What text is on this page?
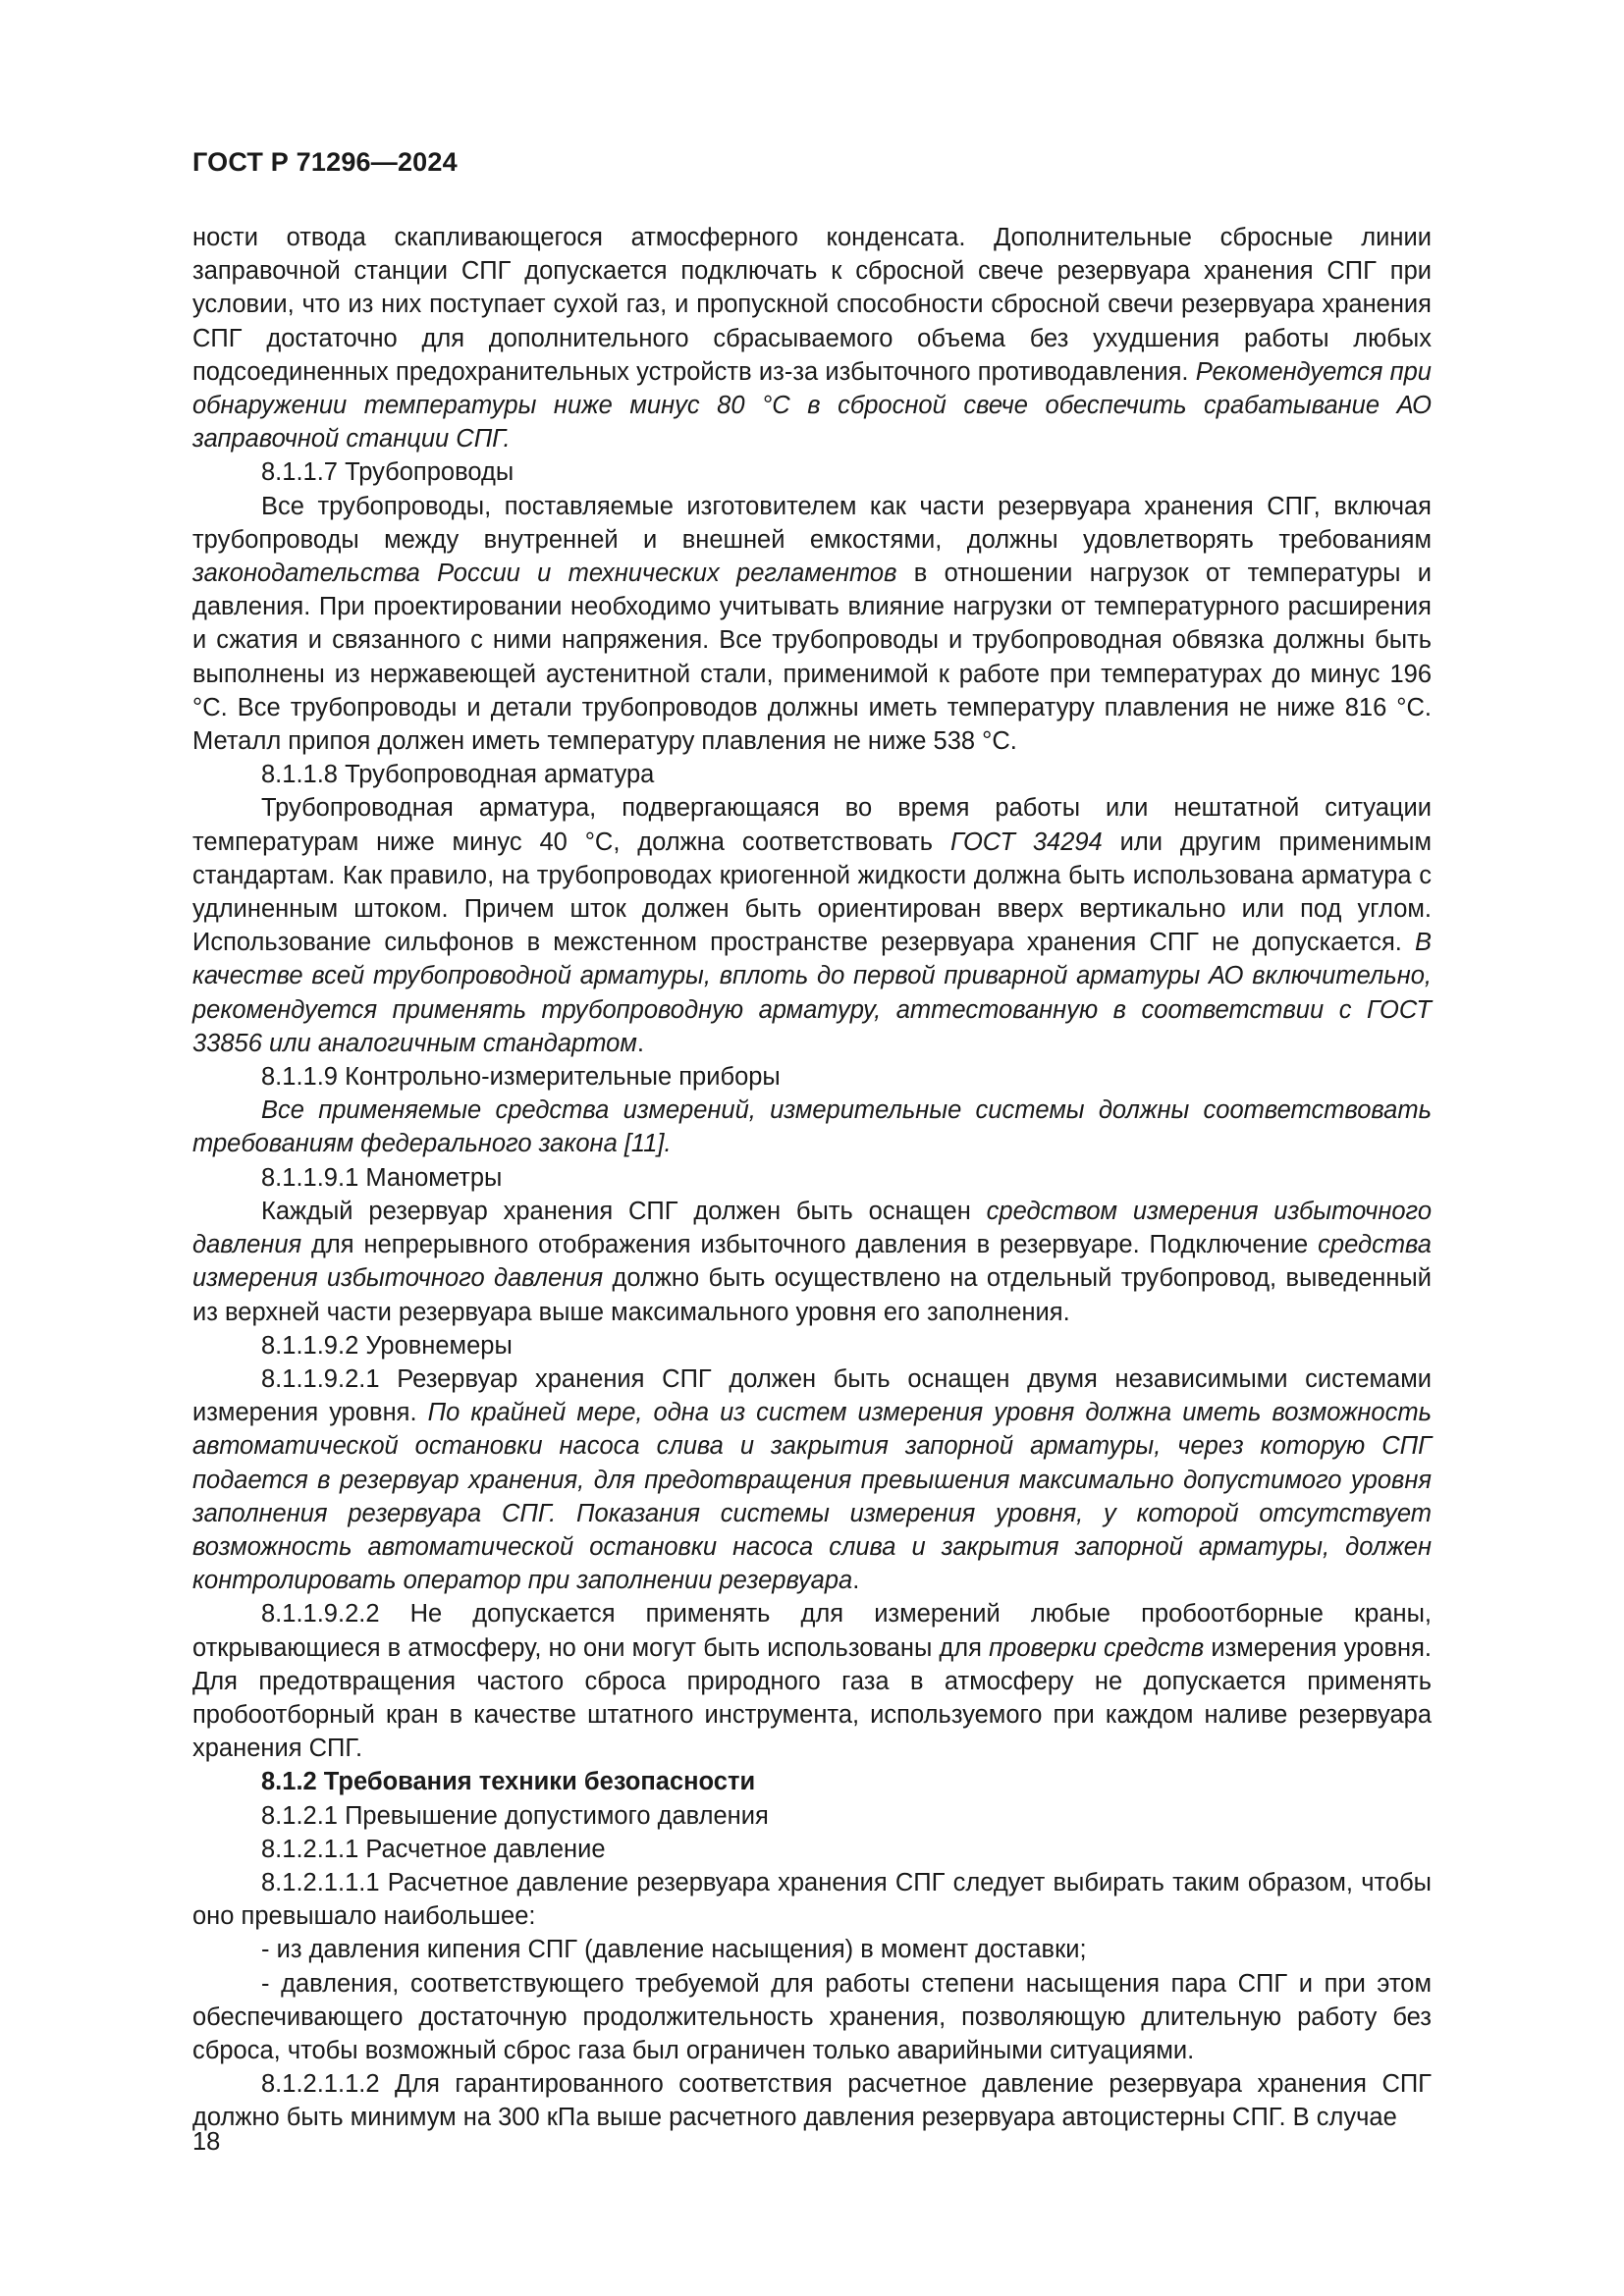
ГОСТ Р 71296—2024

ности отвода скапливающегося атмосферного конденсата. Дополнительные сбросные линии заправочной станции СПГ допускается подключать к сбросной свече резервуара хранения СПГ при условии, что из них поступает сухой газ, и пропускной способности сбросной свечи резервуара хранения СПГ достаточно для дополнительного сбрасываемого объема без ухудшения работы любых подсоединенных предохранительных устройств из-за избыточного противодавления. Рекомендуется при обнаружении температуры ниже минус 80 °С в сбросной свече обеспечить срабатывание АО заправочной станции СПГ.

8.1.1.7 Трубопроводы

Все трубопроводы, поставляемые изготовителем как части резервуара хранения СПГ, включая трубопроводы между внутренней и внешней емкостями, должны удовлетворять требованиям законодательства России и технических регламентов в отношении нагрузок от температуры и давления. При проектировании необходимо учитывать влияние нагрузки от температурного расширения и сжатия и связанного с ними напряжения. Все трубопроводы и трубопроводная обвязка должны быть выполнены из нержавеющей аустенитной стали, применимой к работе при температурах до минус 196 °С. Все трубопроводы и детали трубопроводов должны иметь температуру плавления не ниже 816 °С. Металл припоя должен иметь температуру плавления не ниже 538 °С.

8.1.1.8 Трубопроводная арматура

Трубопроводная арматура, подвергающаяся во время работы или нештатной ситуации температурам ниже минус 40 °С, должна соответствовать ГОСТ 34294 или другим применимым стандартам. Как правило, на трубопроводах криогенной жидкости должна быть использована арматура с удлиненным штоком. Причем шток должен быть ориентирован вверх вертикально или под углом. Использование сильфонов в межстенном пространстве резервуара хранения СПГ не допускается. В качестве всей трубопроводной арматуры, вплоть до первой приварной арматуры АО включительно, рекомендуется применять трубопроводную арматуру, аттестованную в соответствии с ГОСТ 33856 или аналогичным стандартом.

8.1.1.9 Контрольно-измерительные приборы

Все применяемые средства измерений, измерительные системы должны соответствовать требованиям федерального закона [11].

8.1.1.9.1 Манометры

Каждый резервуар хранения СПГ должен быть оснащен средством измерения избыточного давления для непрерывного отображения избыточного давления в резервуаре. Подключение средства измерения избыточного давления должно быть осуществлено на отдельный трубопровод, выведенный из верхней части резервуара выше максимального уровня его заполнения.

8.1.1.9.2 Уровнемеры

8.1.1.9.2.1 Резервуар хранения СПГ должен быть оснащен двумя независимыми системами измерения уровня. По крайней мере, одна из систем измерения уровня должна иметь возможность автоматической остановки насоса слива и закрытия запорной арматуры, через которую СПГ подается в резервуар хранения, для предотвращения превышения максимально допустимого уровня заполнения резервуара СПГ. Показания системы измерения уровня, у которой отсутствует возможность автоматической остановки насоса слива и закрытия запорной арматуры, должен контролировать оператор при заполнении резервуара.

8.1.1.9.2.2 Не допускается применять для измерений любые пробоотборные краны, открывающиеся в атмосферу, но они могут быть использованы для проверки средств измерения уровня. Для предотвращения частого сброса природного газа в атмосферу не допускается применять пробоотборный кран в качестве штатного инструмента, используемого при каждом наливе резервуара хранения СПГ.

8.1.2 Требования техники безопасности

8.1.2.1 Превышение допустимого давления

8.1.2.1.1 Расчетное давление

8.1.2.1.1.1 Расчетное давление резервуара хранения СПГ следует выбирать таким образом, чтобы оно превышало наибольшее:

- из давления кипения СПГ (давление насыщения) в момент доставки;

- давления, соответствующего требуемой для работы степени насыщения пара СПГ и при этом обеспечивающего достаточную продолжительность хранения, позволяющую длительную работу без сброса, чтобы возможный сброс газа был ограничен только аварийными ситуациями.

8.1.2.1.1.2 Для гарантированного соответствия расчетное давление резервуара хранения СПГ должно быть минимум на 300 кПа выше расчетного давления резервуара автоцистерны СПГ. В случае

18
